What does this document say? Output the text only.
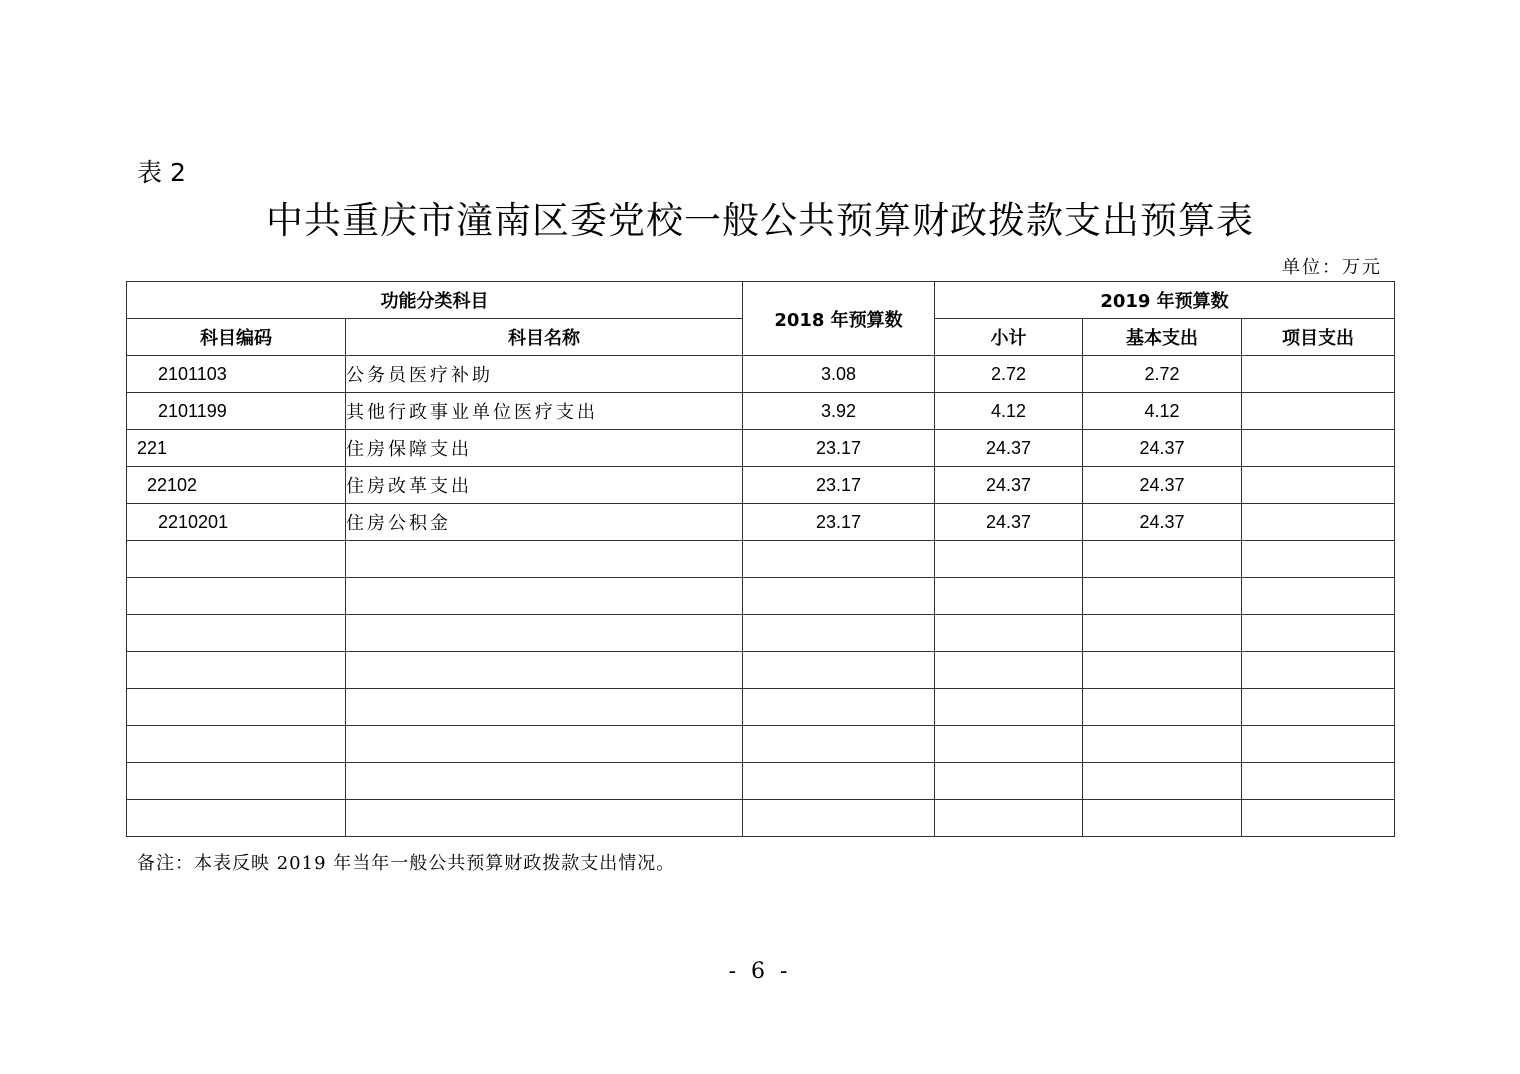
表 2
中共重庆市潼南区委党校一般公共预算财政拨款支出预算表
单位：万元
功能分类科目		2018 年预算数	2019 年预算数		
科目编码	科目名称		小计	基本支出	项目支出
2101103	公务员医疗补助	3.08	2.72	2.72	
2101199	其他行政事业单位医疗支出	3.92	4.12	4.12	
221	住房保障支出	23.17	24.37	24.37	
22102	住房改革支出	23.17	24.37	24.37	
2210201	住房公积金	23.17	24.37	24.37	

备注：本表反映 2019 年当年一般公共预算财政拨款支出情况。
- 6 -
